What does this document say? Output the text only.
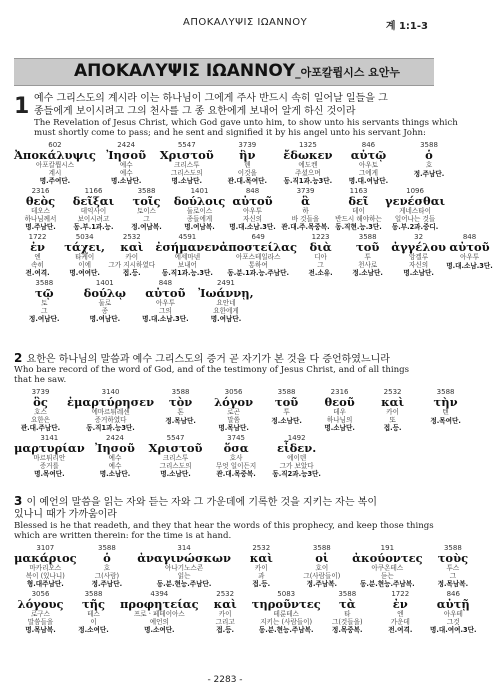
ΑΠΟΚΑΛΥΨΙΣ ΙΩΑΝΝΟΥ	계 1:1-3
ΑΠΟΚΑΛΥΨΙΣ ΙΩΑΝΝΟΥ_아포칼륍시스 요안누
1 예수 그리스도의 계시라 이는 하나님이 그에게 주사 반드시 속히 일어날 일들을 그
종들에게 보이시려고 그의 천사를 그 종 요한에게 보내어 알게 하신 것이라
The Revelation of Jesus Christ, which God gave unto him, to show unto his servants things which
must shortly come to pass; and he sent and signified it by his angel unto his servant John:
602
Ἀποκάλυψις
아포칼륍시스
계시
명.주여단.
2424
Ἰησοῦ
예수
예수
명.소남단.
5547
Χριστοῦ
크리스투
그리스도의
명.소남단.
3739
ἣν
헨
이것을
관.대.목여단.
1325
ἔδωκεν
에도켄
주셨으며
동.직1과.능3단.
846
αὐτῷ
아우토
그에게
명.대.여남단.
3588
ὁ
호
정.주남단.
2316
θεὸς
데오스
하나님께서
명.주남단.
1166
δεῖξαι
데익사이
보이시려고
동.부.1과.능.
3588
τοῖς
토이스
그
정.여남복.
1401
δούλοις
둘로이스
종들에게
명.여남복.
848
αὐτοῦ
아우투
자신의
명.대.소남.3단.
3739
ἃ
하
바 것들을
관.대.주.목중복.
1163
δεῖ
데이
반드시 해야하는
동.직현.능.3단.
1096
γενέσθαι
게네스타이
일어나는 것들
동.부.2과.중디.
1722
ἐν
엔
속히
전.여격.
5034
τάχει,
타케이
이에
명.여여단.
2532
καὶ
카이
그가 지시하였다
접.등.
4591
ἐσήμανεν
에세마넨
보내어
동.직1과.능.3단.
649
ἀποστείλας
아포스테일라스
통하여
동.분.1과.능.주남단.
1223
διὰ
디아
그
전.소유.
3588
τοῦ
투
천사로
정.소남단.
32
ἀγγέλου
앙겔루
자신의
명.소남단.
848
αὐτοῦ
아우투
명.대.소남.3단.
3588
τῷ
토
그
정.여남단.
1401
δούλῳ
둘로
종
명.여남단.
848
αὐτοῦ
아우투
그의
명.대.소남.3단.
2491
Ἰωάννῃ,
요안네
요한에게
명.여남단.
2 요한은 하나님의 말씀과 예수 그리스도의 증거 곧 자기가 본 것을 다 증언하였느니라
Who bare record of the word of God, and of the testimony of Jesus Christ, and of all things
that he saw.
3739
ὃς
호스
요한은
관.대.주남단.
3140
ἐμαρτύρησεν
에마르튀레센
증거하였다
동.직1과.능3단.
3588
τὸν
톤
정.목남단.
3056
λόγον
로곤
말씀
명.목남단.
3588
τοῦ
투
정.소남단.
2316
θεοῦ
데우
하나님의
명.소남단.
2532
καὶ
카이
또
접.등.
3588
τὴν
텐
정.목여단.
3141
μαρτυρίαν
마르튀리안
증거를
명.목여단.
2424
Ἰησοῦ
예수
예수
명.소남단.
5547
Χριστοῦ
크리스투
그리스도의
명.소남단.
3745
ὅσα
호사
무엇 일이든지
관.대.목중복.
1492
εἶδεν.
에이덴
그가 보았다
동.직2과.능3단.
3 이 예언의 말씀을 읽는 자와 듣는 자와 그 가운데에 기록한 것을 지키는 자는 복이
있나니 때가 가까움이라
Blessed is he that readeth, and they that hear the words of this prophecy, and keep those things
which are written therein: for the time is at hand.
3107
μακάριος
마카리오스
복이 (있나니)
형.대주남단.
3588
ὁ
호
그(사람)
정.주남단.
314
ἀναγινώσκων
아나기노스콘
읽는
동.분.현능.주남단.
2532
καὶ
카이
과
접.등.
3588
οἱ
호이
그(사람들이)
정.주남복.
191
ἀκούοντες
아쿠온테스
듣는
동.분.현능.주남복.
3588
τοὺς
투스
그
정.목남복.
3056
λόγους
로구스
말씀들을
명.목남복.
3588
τῆς
테스
이
정.소여단.
4394
προφητείας
프로ㆍ페테이아스
예언의
명.소여단.
2532
καὶ
카이
그리고
접.등.
5083
τηροῦντες
테룬테스
지키는 (사람들이)
동.분.현능.주남복.
3588
τὰ
타
그(것들을)
정.목중복.
1722
ἐν
엔
가운데
전.여격.
846
αὐτῇ
아우테
그것
명.대.여여.3단.
- 2283 -
